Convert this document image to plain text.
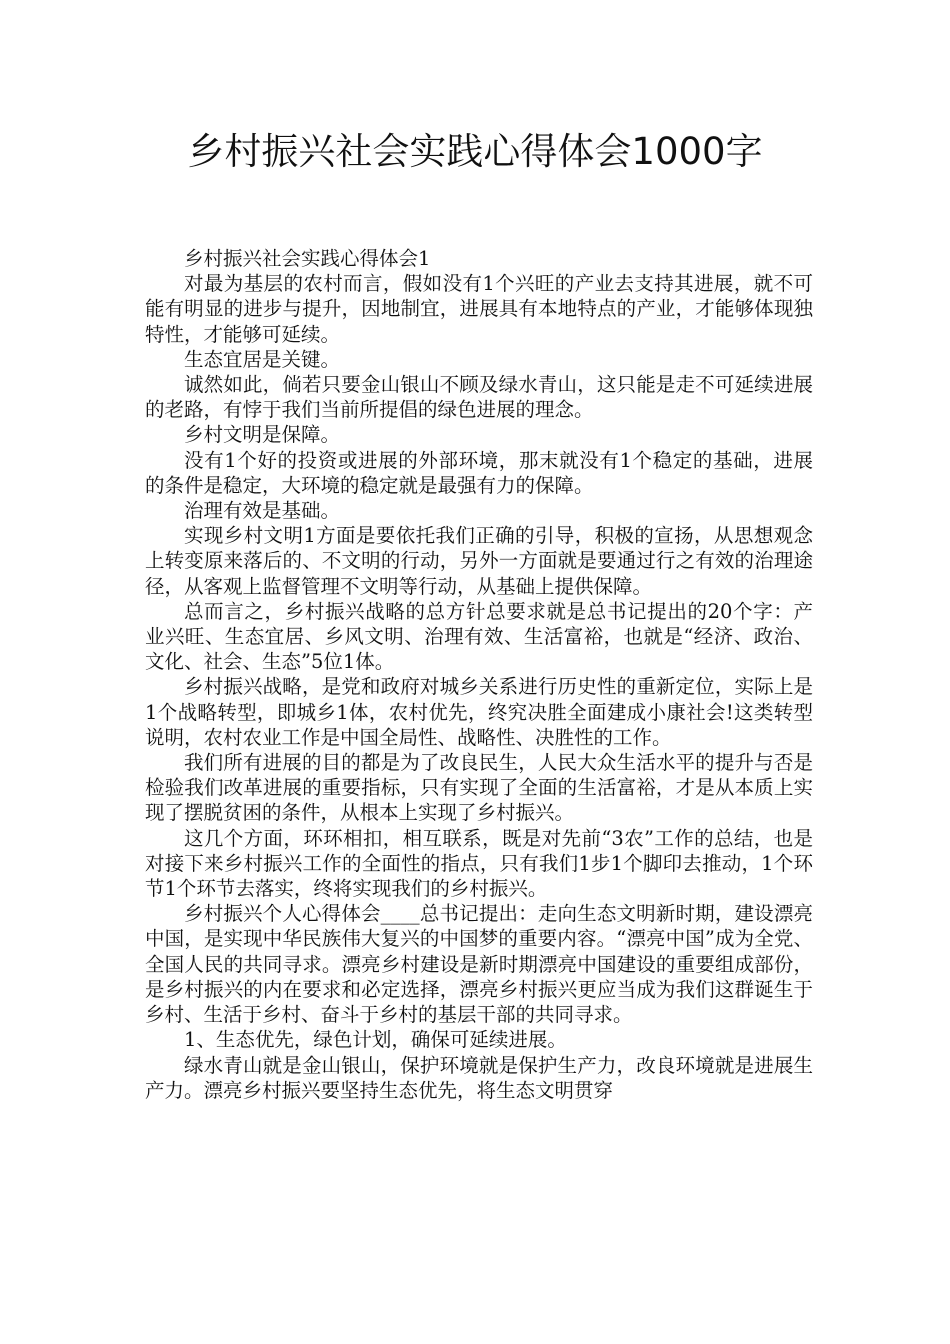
乡村振兴社会实践心得体会1000字

乡村振兴社会实践心得体会1

对最为基层的农村而言，假如没有1个兴旺的产业去支持其进展，就不可能有明显的进步与提升，因地制宜，进展具有本地特点的产业，才能够体现独特性，才能够可延续。

生态宜居是关键。

诚然如此，倘若只要金山银山不顾及绿水青山，这只能是走不可延续进展的老路，有悖于我们当前所提倡的绿色进展的理念。

乡村文明是保障。

没有1个好的投资或进展的外部环境，那末就没有1个稳定的基础，进展的条件是稳定，大环境的稳定就是最强有力的保障。

治理有效是基础。

实现乡村文明1方面是要依托我们正确的引导，积极的宣扬，从思想观念上转变原来落后的、不文明的行动，另外一方面就是要通过行之有效的治理途径，从客观上监督管理不文明等行动，从基础上提供保障。

总而言之，乡村振兴战略的总方针总要求就是总书记提出的20个字：产业兴旺、生态宜居、乡风文明、治理有效、生活富裕，也就是“经济、政治、文化、社会、生态”5位1体。

乡村振兴战略，是党和政府对城乡关系进行历史性的重新定位，实际上是1个战略转型，即城乡1体，农村优先，终究决胜全面建成小康社会!这类转型说明，农村农业工作是中国全局性、战略性、决胜性的工作。

我们所有进展的目的都是为了改良民生，人民大众生活水平的提升与否是检验我们改革进展的重要指标，只有实现了全面的生活富裕，才是从本质上实现了摆脱贫困的条件，从根本上实现了乡村振兴。

这几个方面，环环相扣，相互联系，既是对先前“3农”工作的总结，也是对接下来乡村振兴工作的全面性的指点，只有我们1步1个脚印去推动，1个环节1个环节去落实，终将实现我们的乡村振兴。

乡村振兴个人心得体会____总书记提出：走向生态文明新时期，建设漂亮中国，是实现中华民族伟大复兴的中国梦的重要内容。“漂亮中国”成为全党、全国人民的共同寻求。漂亮乡村建设是新时期漂亮中国建设的重要组成部份，是乡村振兴的内在要求和必定选择，漂亮乡村振兴更应当成为我们这群诞生于乡村、生活于乡村、奋斗于乡村的基层干部的共同寻求。

1、生态优先，绿色计划，确保可延续进展。

绿水青山就是金山银山，保护环境就是保护生产力，改良环境就是进展生产力。漂亮乡村振兴要坚持生态优先，将生态文明贯穿
